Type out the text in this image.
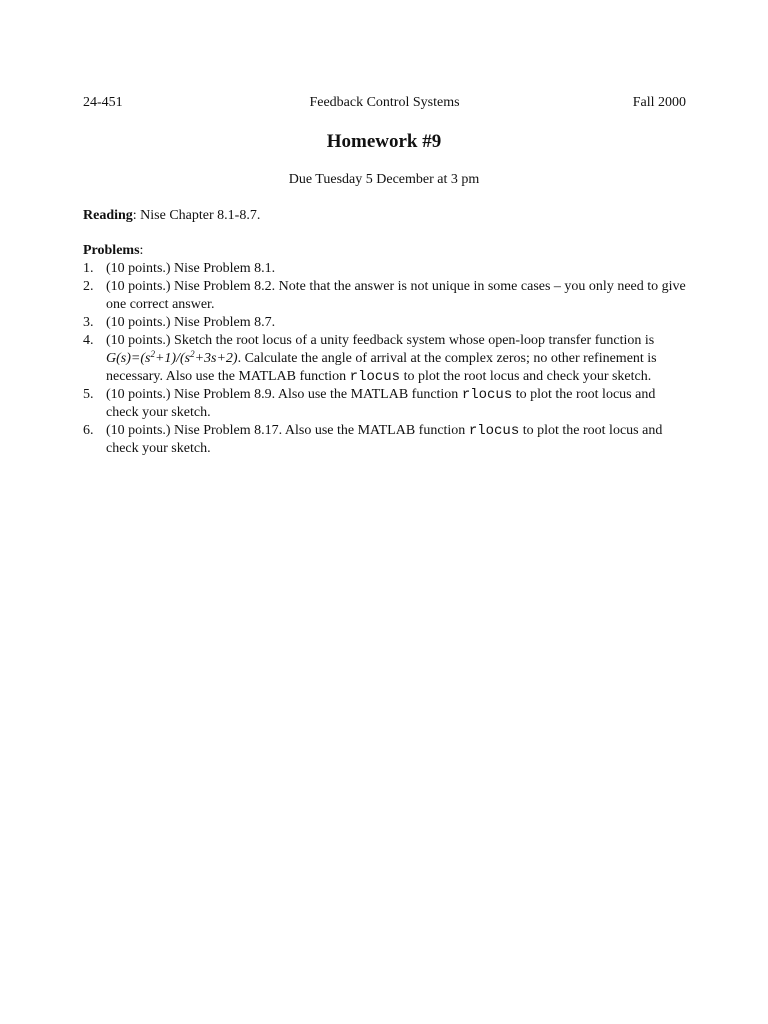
24-451	Feedback Control Systems	Fall 2000
Homework #9
Due Tuesday 5 December at 3 pm
Reading: Nise Chapter 8.1-8.7.
Problems:
1. (10 points.) Nise Problem 8.1.
2. (10 points.) Nise Problem 8.2. Note that the answer is not unique in some cases – you only need to give one correct answer.
3. (10 points.) Nise Problem 8.7.
4. (10 points.) Sketch the root locus of a unity feedback system whose open-loop transfer function is $G(s)=(s^2+1)/(s^2+3s+2)$. Calculate the angle of arrival at the complex zeros; no other refinement is necessary. Also use the MATLAB function rlocus to plot the root locus and check your sketch.
5. (10 points.) Nise Problem 8.9. Also use the MATLAB function rlocus to plot the root locus and check your sketch.
6. (10 points.) Nise Problem 8.17. Also use the MATLAB function rlocus to plot the root locus and check your sketch.
